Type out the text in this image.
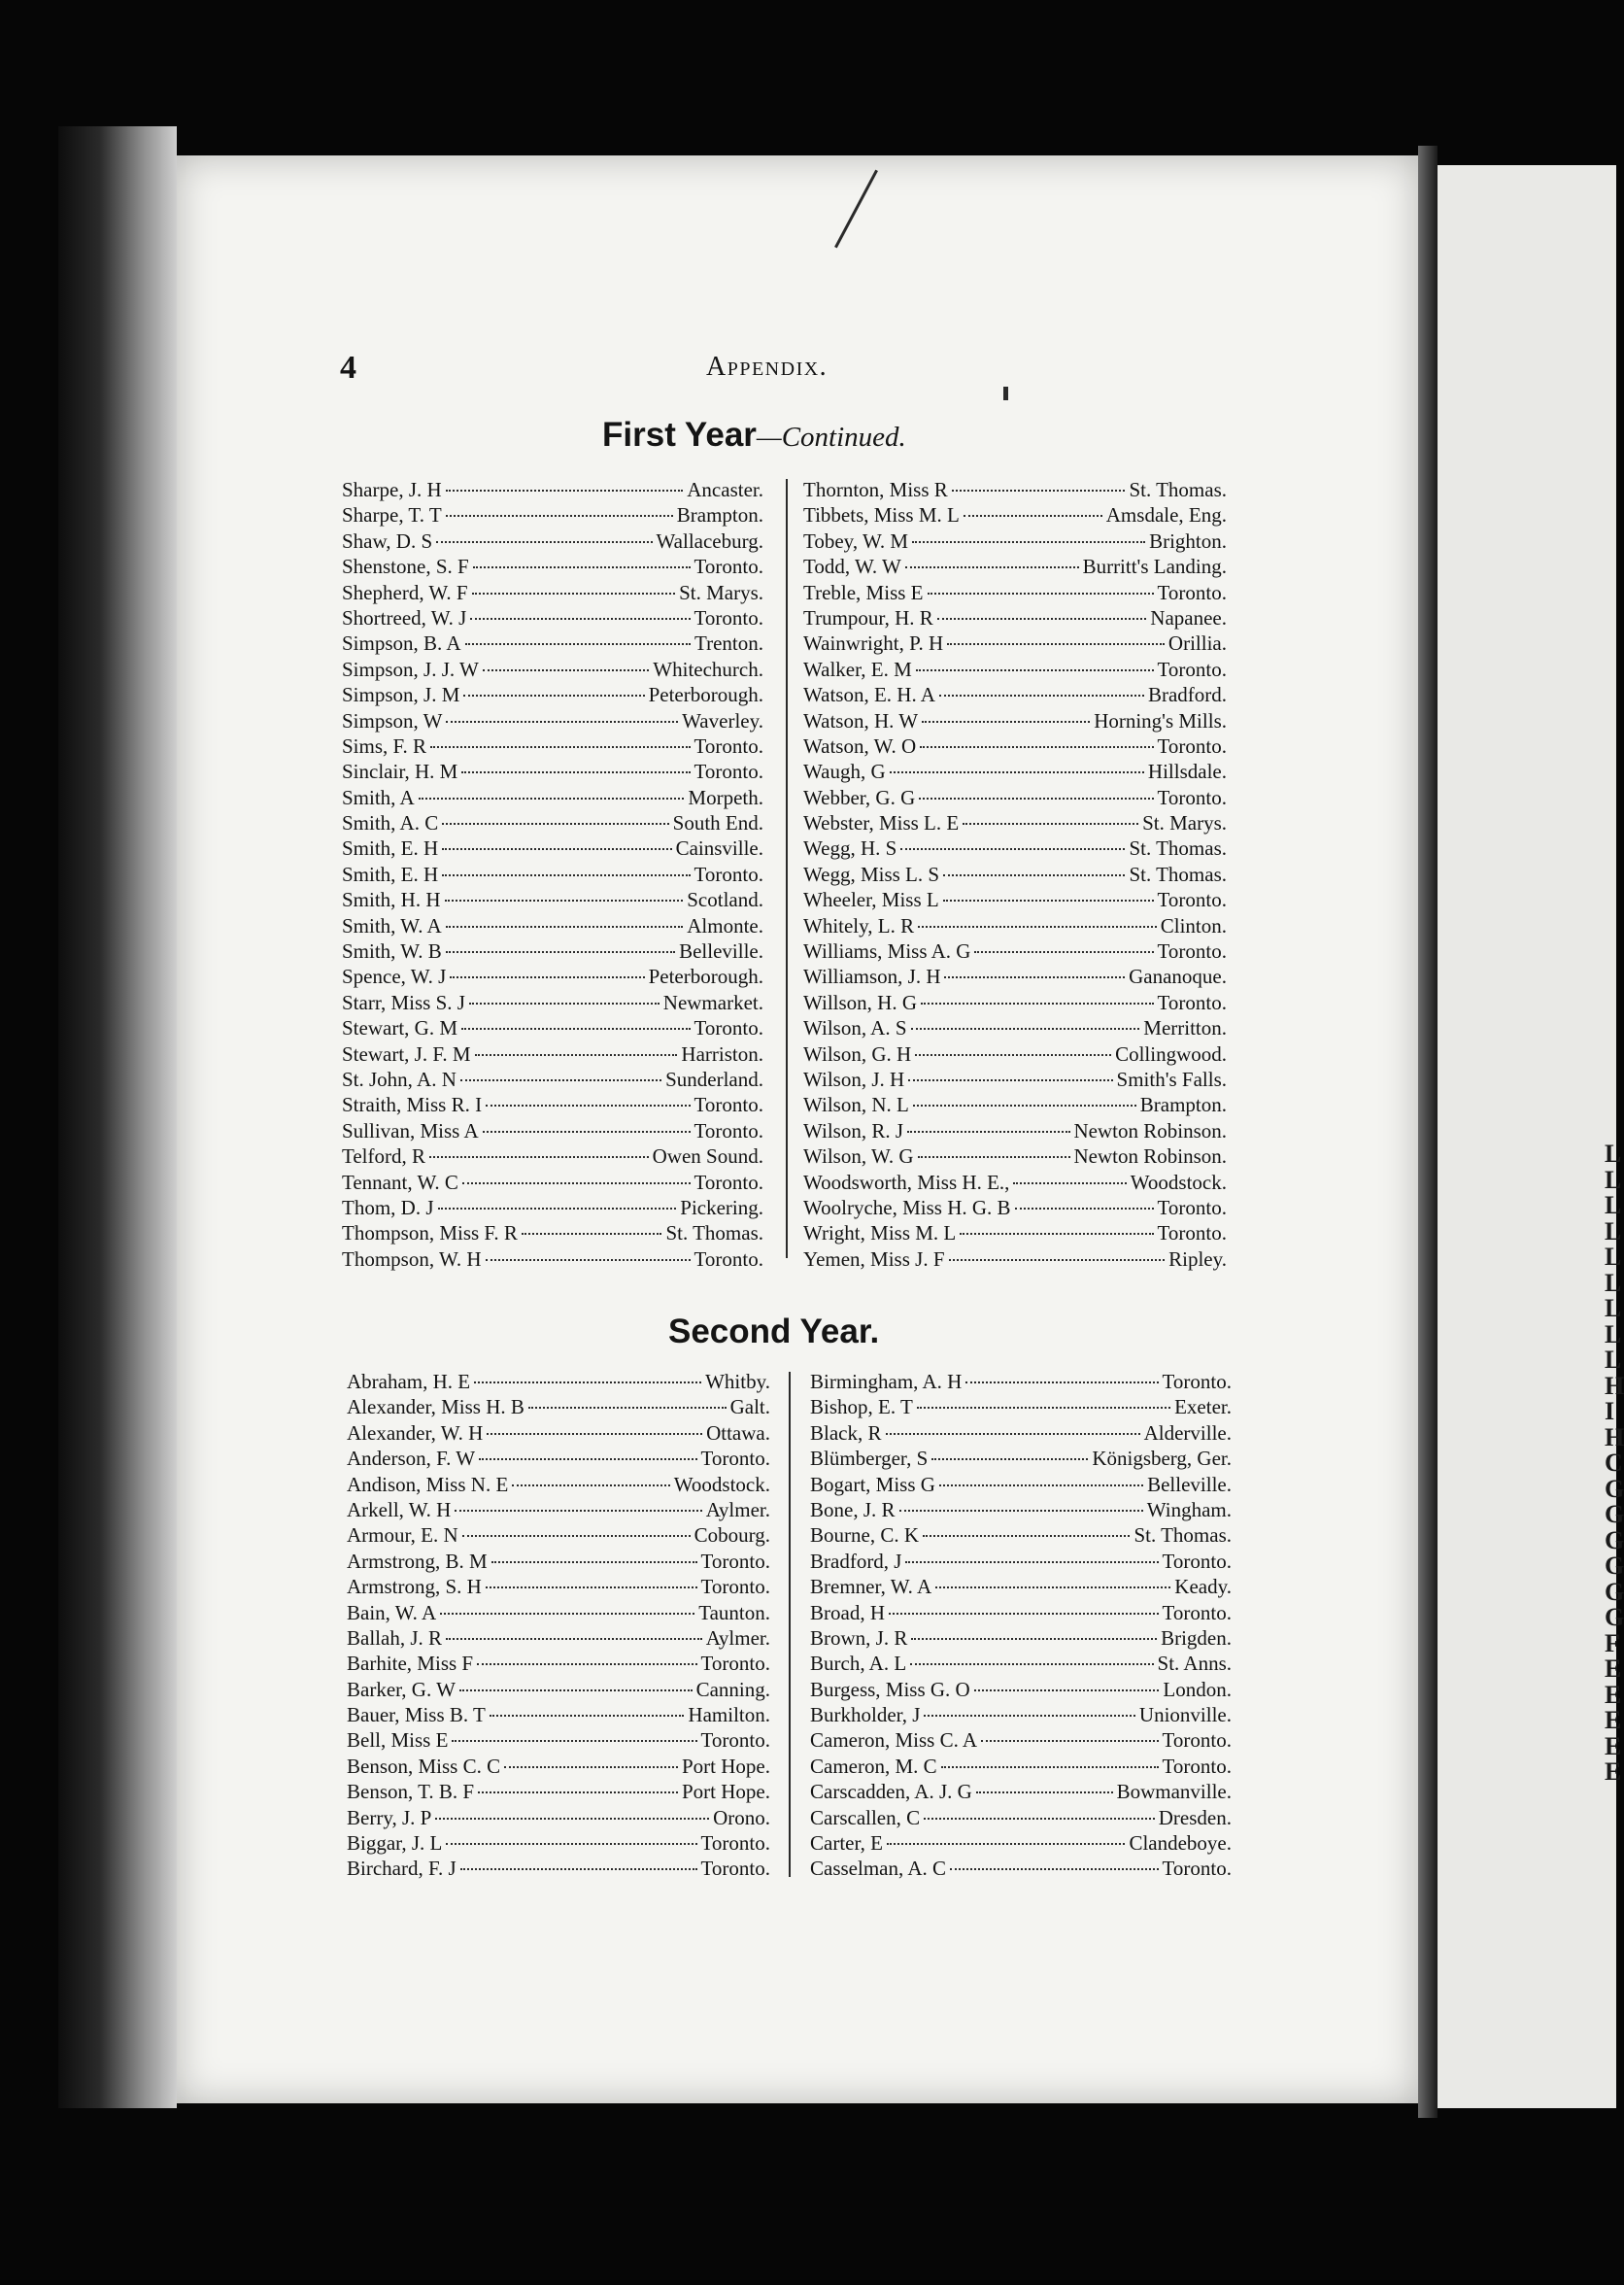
L
L
L
L
L
L
L
L
L
H
I
H
C
G
G
G
G
G
G
F
E
E
E
E
E
4	Appendix.
First Year—Continued.
Sharpe, J. H	Ancaster.
Sharpe, T. T	Brampton.
Shaw, D. S	Wallaceburg.
Shenstone, S. F	Toronto.
Shepherd, W. F	St. Marys.
Shortreed, W. J	Toronto.
Simpson, B. A	Trenton.
Simpson, J. J. W	Whitechurch.
Simpson, J. M	Peterborough.
Simpson, W	Waverley.
Sims, F. R	Toronto.
Sinclair, H. M	Toronto.
Smith, A	Morpeth.
Smith, A. C	South End.
Smith, E. H	Cainsville.
Smith, E. H	Toronto.
Smith, H. H	Scotland.
Smith, W. A	Almonte.
Smith, W. B	Belleville.
Spence, W. J	Peterborough.
Starr, Miss S. J	Newmarket.
Stewart, G. M	Toronto.
Stewart, J. F. M	Harriston.
St. John, A. N	Sunderland.
Straith, Miss R. I	Toronto.
Sullivan, Miss A	Toronto.
Telford, R	Owen Sound.
Tennant, W. C	Toronto.
Thom, D. J	Pickering.
Thompson, Miss F. R	St. Thomas.
Thompson, W. H	Toronto.
Thornton, Miss R	St. Thomas.
Tibbets, Miss M. L	Amsdale, Eng.
Tobey, W. M	Brighton.
Todd, W. W	Burritt's Landing.
Treble, Miss E	Toronto.
Trumpour, H. R	Napanee.
Wainwright, P. H	Orillia.
Walker, E. M	Toronto.
Watson, E. H. A	Bradford.
Watson, H. W	Horning's Mills.
Watson, W. O	Toronto.
Waugh, G	Hillsdale.
Webber, G. G	Toronto.
Webster, Miss L. E	St. Marys.
Wegg, H. S	St. Thomas.
Wegg, Miss L. S	St. Thomas.
Wheeler, Miss L	Toronto.
Whitely, L. R	Clinton.
Williams, Miss A. G	Toronto.
Williamson, J. H	Gananoque.
Willson, H. G	Toronto.
Wilson, A. S	Merritton.
Wilson, G. H	Collingwood.
Wilson, J. H	Smith's Falls.
Wilson, N. L	Brampton.
Wilson, R. J	Newton Robinson.
Wilson, W. G	Newton Robinson.
Woodsworth, Miss H. E.,	Woodstock.
Woolryche, Miss H. G. B	Toronto.
Wright, Miss M. L	Toronto.
Yemen, Miss J. F	Ripley.
Second Year.
Abraham, H. E	Whitby.
Alexander, Miss H. B	Galt.
Alexander, W. H	Ottawa.
Anderson, F. W	Toronto.
Andison, Miss N. E	Woodstock.
Arkell, W. H	Aylmer.
Armour, E. N	Cobourg.
Armstrong, B. M	Toronto.
Armstrong, S. H	Toronto.
Bain, W. A	Taunton.
Ballah, J. R	Aylmer.
Barhite, Miss F	Toronto.
Barker, G. W	Canning.
Bauer, Miss B. T	Hamilton.
Bell, Miss E	Toronto.
Benson, Miss C. C	Port Hope.
Benson, T. B. F	Port Hope.
Berry, J. P	Orono.
Biggar, J. L	Toronto.
Birchard, F. J	Toronto.
Birmingham, A. H	Toronto.
Bishop, E. T	Exeter.
Black, R	Alderville.
Blümberger, S	Königsberg, Ger.
Bogart, Miss G	Belleville.
Bone, J. R	Wingham.
Bourne, C. K	St. Thomas.
Bradford, J	Toronto.
Bremner, W. A	Keady.
Broad, H	Toronto.
Brown, J. R	Brigden.
Burch, A. L	St. Anns.
Burgess, Miss G. O	London.
Burkholder, J	Unionville.
Cameron, Miss C. A	Toronto.
Cameron, M. C	Toronto.
Carscadden, A. J. G	Bowmanville.
Carscallen, C	Dresden.
Carter, E	Clandeboye.
Casselman, A. C	Toronto.
